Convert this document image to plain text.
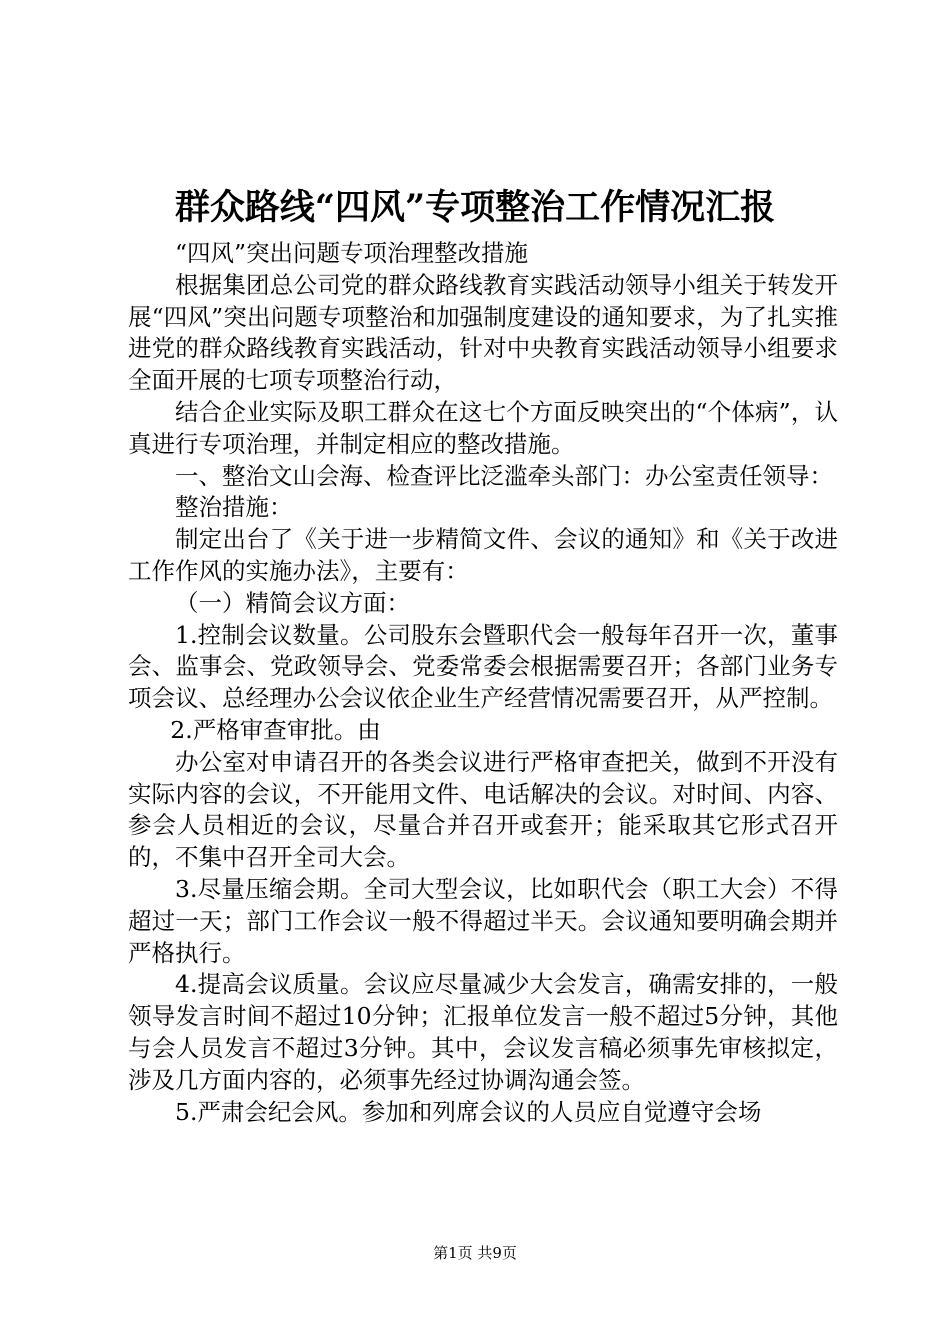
群众路线“四风”专项整治工作情况汇报

“四风”突出问题专项治理整改措施

根据集团总公司党的群众路线教育实践活动领导小组关于转发开展“四风”突出问题专项整治和加强制度建设的通知要求，为了扎实推进党的群众路线教育实践活动，针对中央教育实践活动领导小组要求全面开展的七项专项整治行动，

结合企业实际及职工群众在这七个方面反映突出的“个体病”，认真进行专项治理，并制定相应的整改措施。

一、整治文山会海、检查评比泛滥牵头部门：办公室责任领导：

整治措施：

制定出台了《关于进一步精简文件、会议的通知》和《关于改进工作作风的实施办法》，主要有：

（一）精简会议方面：

1.控制会议数量。公司股东会暨职代会一般每年召开一次，董事会、监事会、党政领导会、党委常委会根据需要召开；各部门业务专项会议、总经理办公会议依企业生产经营情况需要召开，从严控制。

2.严格审查审批。由

办公室对申请召开的各类会议进行严格审查把关，做到不开没有实际内容的会议，不开能用文件、电话解决的会议。对时间、内容、参会人员相近的会议，尽量合并召开或套开；能采取其它形式召开的，不集中召开全司大会。

3.尽量压缩会期。全司大型会议，比如职代会（职工大会）不得超过一天；部门工作会议一般不得超过半天。会议通知要明确会期并严格执行。

4.提高会议质量。会议应尽量减少大会发言，确需安排的，一般领导发言时间不超过10分钟；汇报单位发言一般不超过5分钟，其他与会人员发言不超过3分钟。其中，会议发言稿必须事先审核拟定，涉及几方面内容的，必须事先经过协调沟通会签。

5.严肃会纪会风。参加和列席会议的人员应自觉遵守会场

第1页 共9页
